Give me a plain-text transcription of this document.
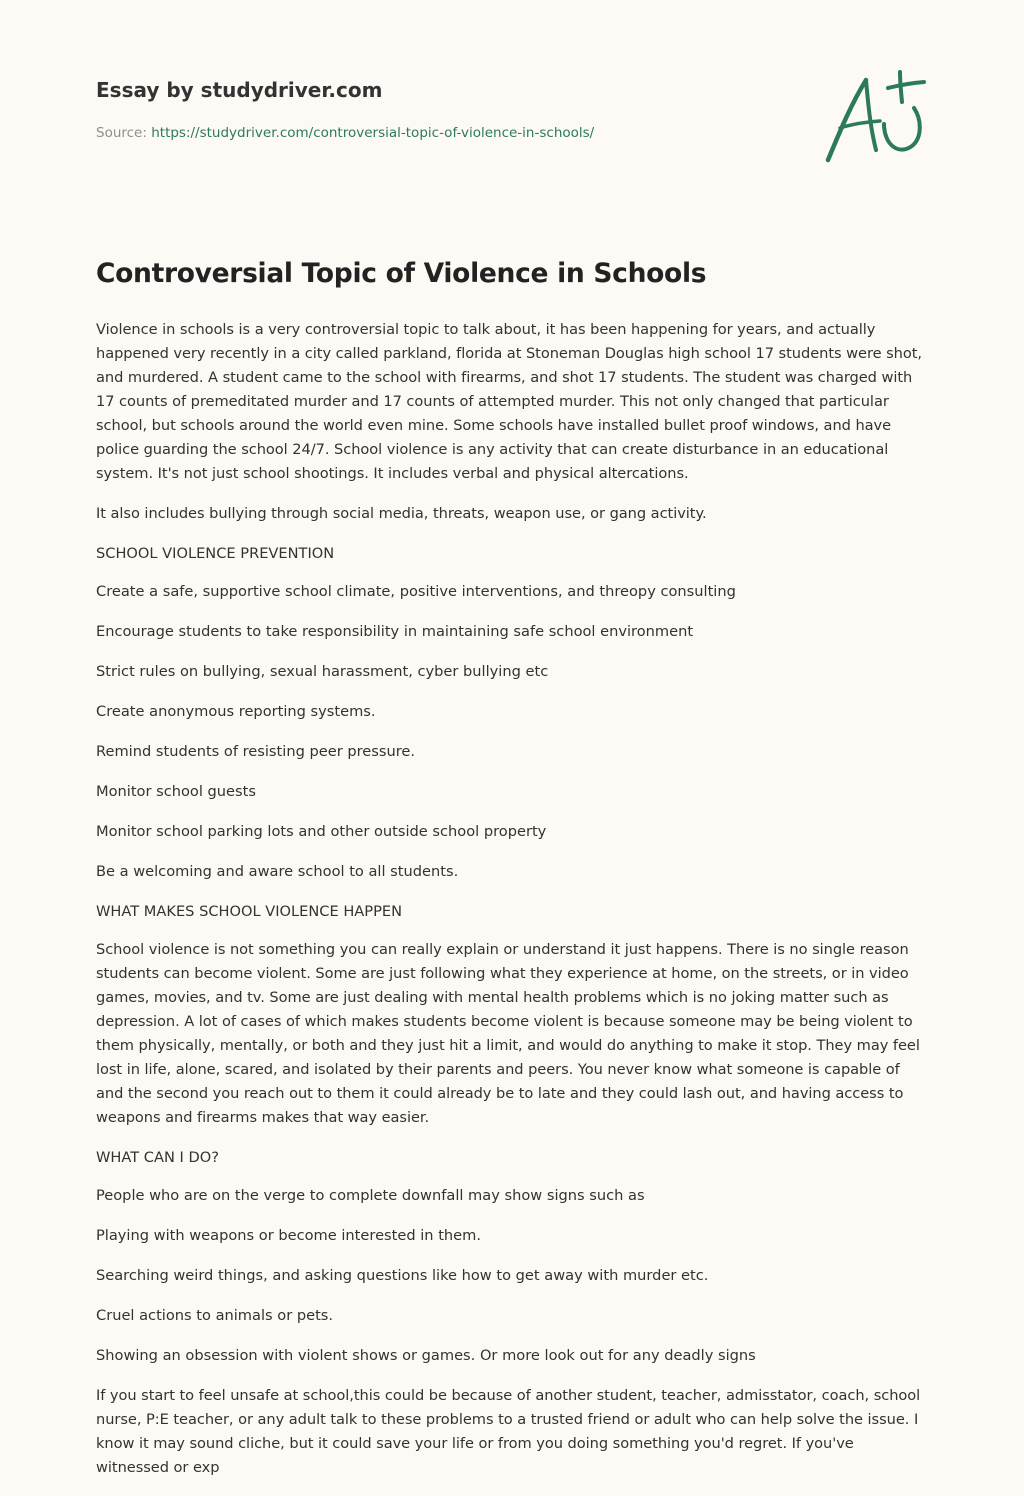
Essay by studydriver.com
Source: https://studydriver.com/controversial-topic-of-violence-in-schools/
Controversial Topic of Violence in Schools

Violence in schools is a very controversial topic to talk about, it has been happening for years, and actually happened very recently in a city called parkland, florida at Stoneman Douglas high school 17 students were shot, and murdered. A student came to the school with firearms, and shot 17 students. The student was charged with 17 counts of premeditated murder and 17 counts of attempted murder. This not only changed that particular school, but schools around the world even mine. Some schools have installed bullet proof windows, and have police guarding the school 24/7. School violence is any activity that can create disturbance in an educational system. It's not just school shootings. It includes verbal and physical altercations.

It also includes bullying through social media, threats, weapon use, or gang activity.

SCHOOL VIOLENCE PREVENTION

Create a safe, supportive school climate, positive interventions, and threopy consulting

Encourage students to take responsibility in maintaining safe school environment

Strict rules on bullying, sexual harassment, cyber bullying etc

Create anonymous reporting systems.

Remind students of resisting peer pressure.

Monitor school guests

Monitor school parking lots and other outside school property

Be a welcoming and aware school to all students.

WHAT MAKES SCHOOL VIOLENCE HAPPEN

School violence is not something you can really explain or understand it just happens. There is no single reason students can become violent. Some are just following what they experience at home, on the streets, or in video games, movies, and tv. Some are just dealing with mental health problems which is no joking matter such as depression. A lot of cases of which makes students become violent is because someone may be being violent to them physically, mentally, or both and they just hit a limit, and would do anything to make it stop. They may feel lost in life, alone, scared, and isolated by their parents and peers. You never know what someone is capable of and the second you reach out to them it could already be to late and they could lash out, and having access to weapons and firearms makes that way easier.

WHAT CAN I DO?

People who are on the verge to complete downfall may show signs such as

Playing with weapons or become interested in them.

Searching weird things, and asking questions like how to get away with murder etc.

Cruel actions to animals or pets.

Showing an obsession with violent shows or games. Or more look out for any deadly signs

If you start to feel unsafe at school,this could be because of another student, teacher, admisstator, coach, school nurse, P:E teacher, or any adult talk to these problems to a trusted friend or adult who can help solve the issue. I know it may sound cliche, but it could save your life or from you doing something you'd regret. If you've witnessed or exp
